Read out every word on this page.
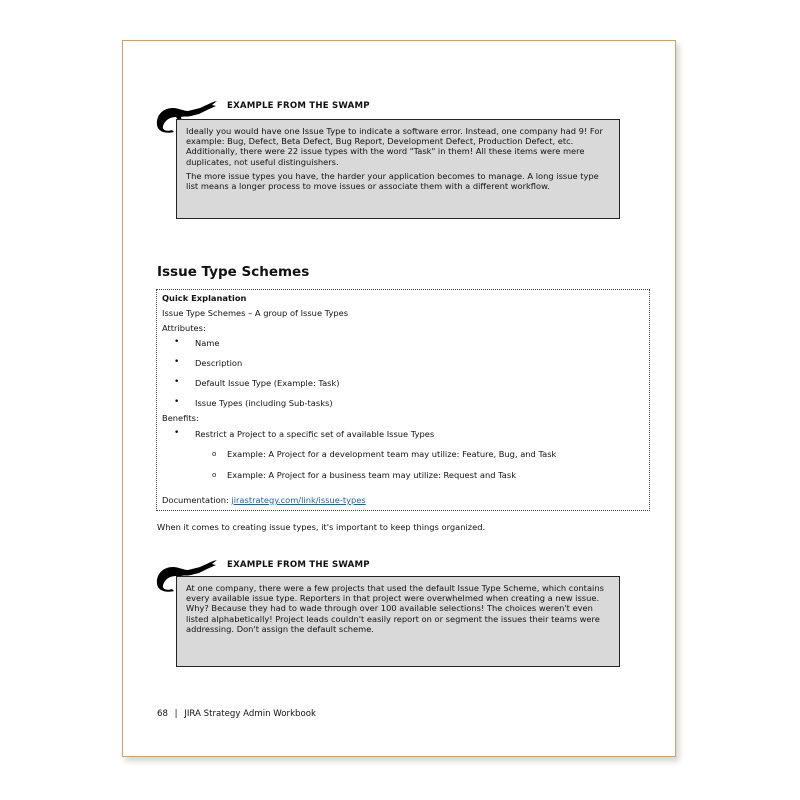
EXAMPLE FROM THE SWAMP

Ideally you would have one Issue Type to indicate a software error. Instead, one company had 9! For example: Bug, Defect, Beta Defect, Bug Report, Development Defect, Production Defect, etc. Additionally, there were 22 issue types with the word "Task" in them! All these items were mere duplicates, not useful distinguishers.

The more issue types you have, the harder your application becomes to manage. A long issue type list means a longer process to move issues or associate them with a different workflow.

Issue Type Schemes
Quick Explanation
Issue Type Schemes – A group of Issue Types
Attributes:
• Name
• Description
• Default Issue Type (Example: Task)
• Issue Types (including Sub-tasks)
Benefits:
• Restrict a Project to a specific set of available Issue Types
o Example: A Project for a development team may utilize: Feature, Bug, and Task
o Example: A Project for a business team may utilize: Request and Task
Documentation: jirastrategy.com/link/issue-types
When it comes to creating issue types, it's important to keep things organized.
EXAMPLE FROM THE SWAMP

At one company, there were a few projects that used the default Issue Type Scheme, which contains every available issue type. Reporters in that project were overwhelmed when creating a new issue. Why? Because they had to wade through over 100 available selections! The choices weren't even listed alphabetically! Project leads couldn't easily report on or segment the issues their teams were addressing. Don't assign the default scheme.

68 | JIRA Strategy Admin Workbook
